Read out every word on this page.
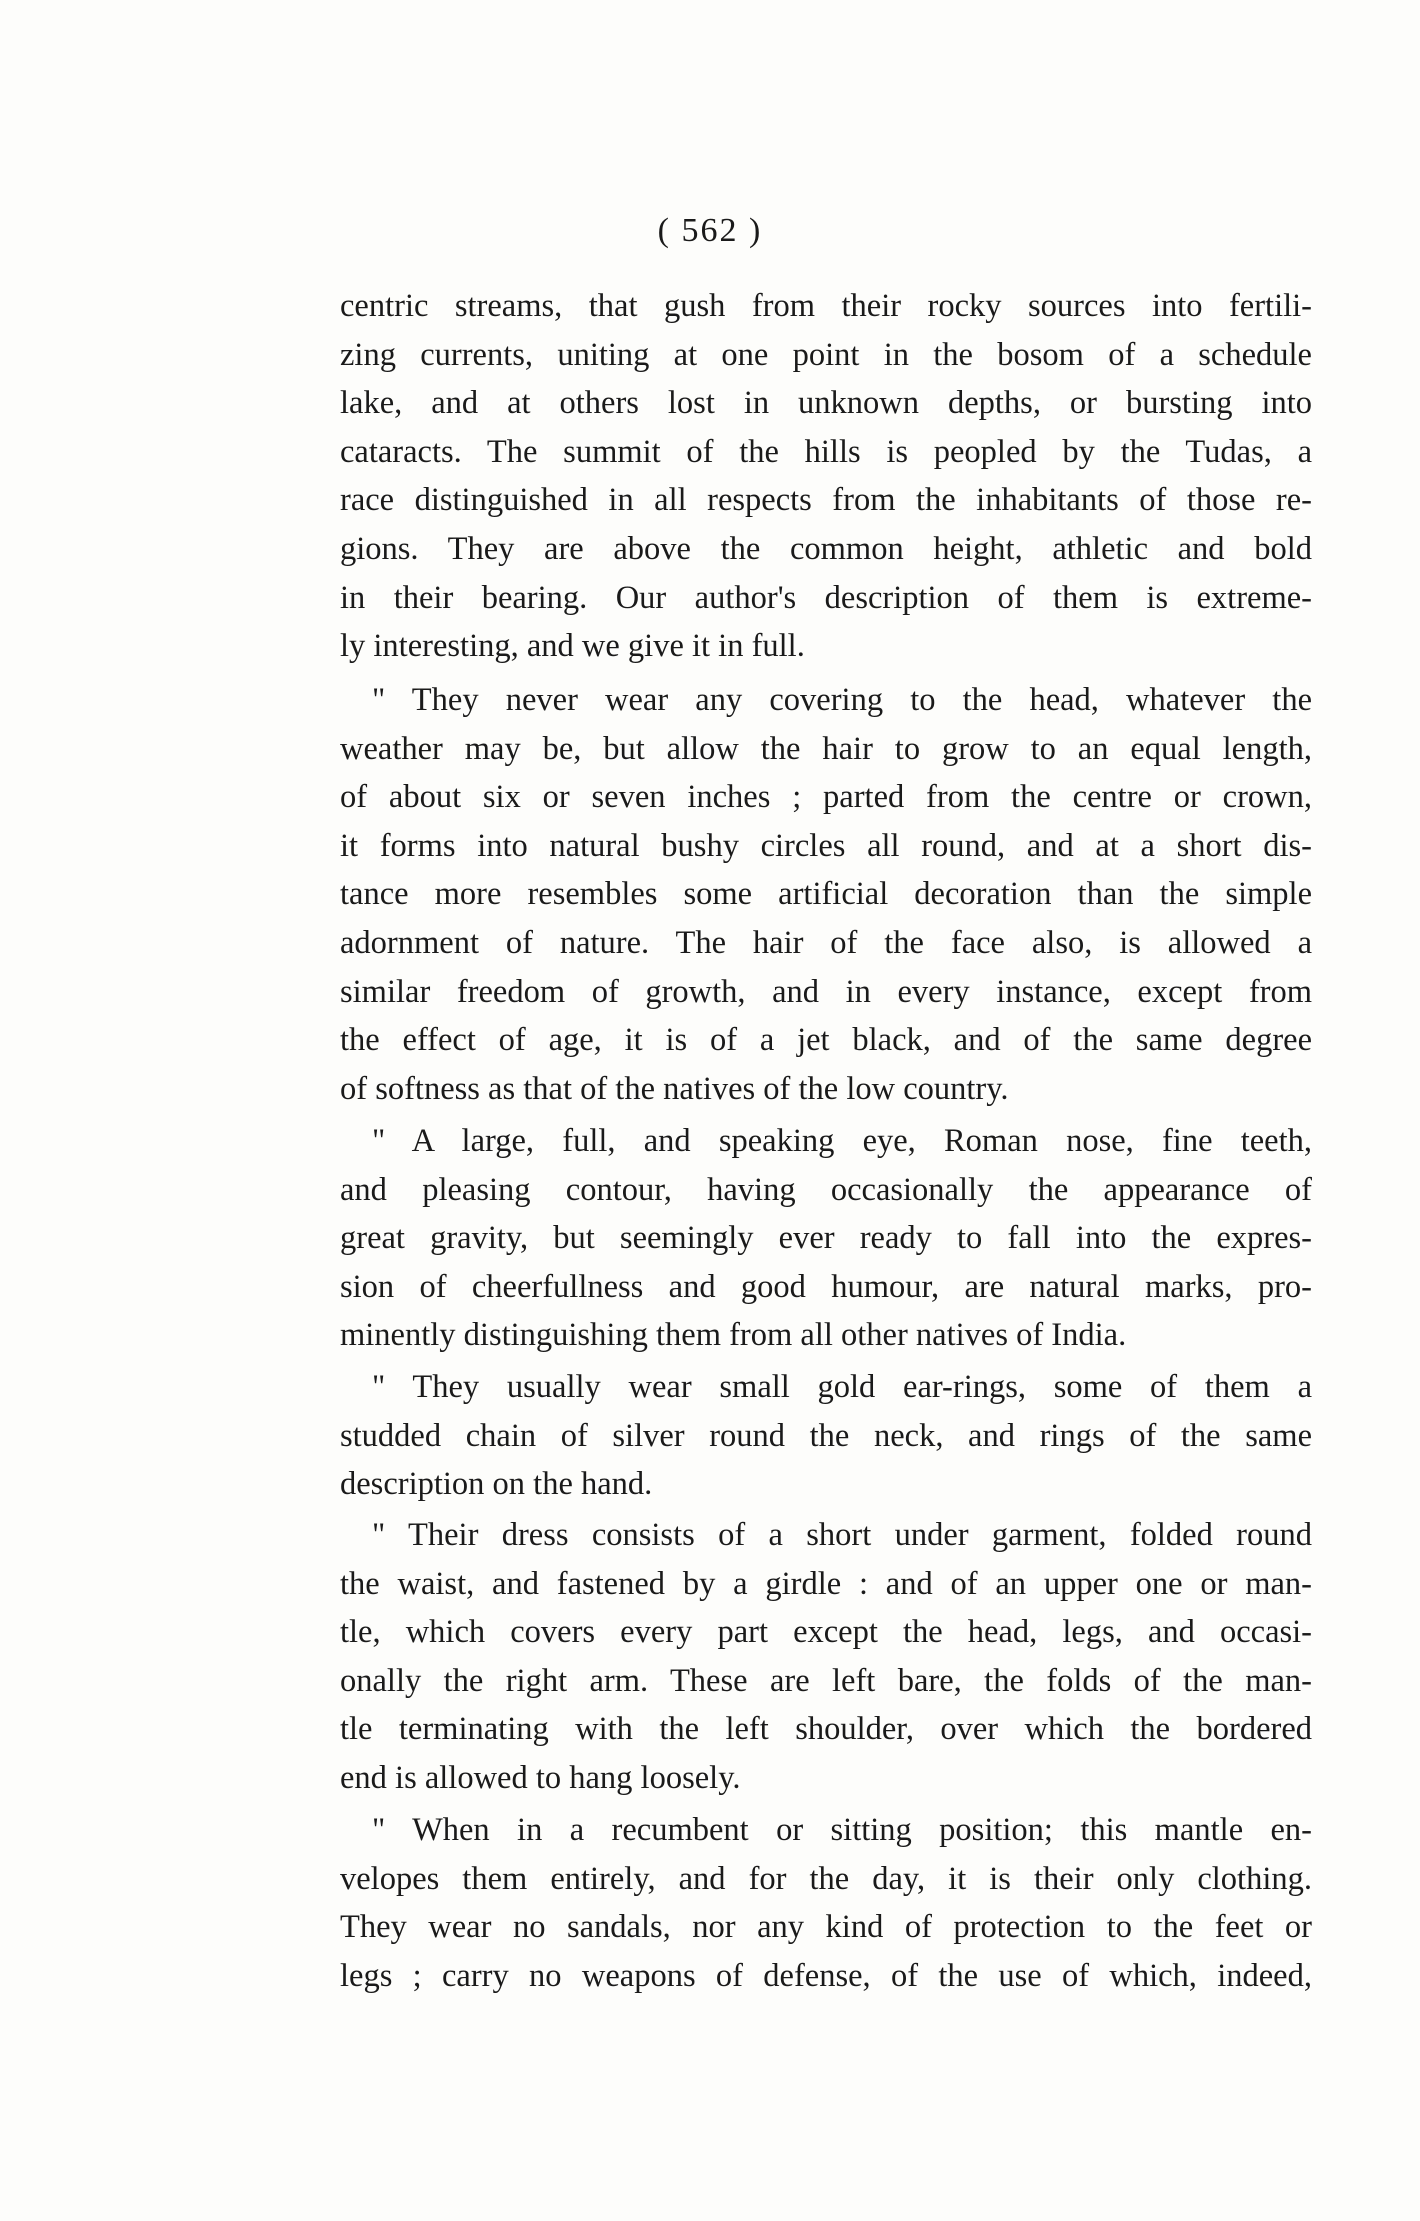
( 562 )
centric streams, that gush from their rocky sources into fertili-
zing currents, uniting at one point in the bosom of a schedule
lake, and at others lost in unknown depths, or bursting into
cataracts. The summit of the hills is peopled by the Tudas, a
race distinguished in all respects from the inhabitants of those re-
gions. They are above the common height, athletic and bold
in their bearing. Our author's description of them is extreme-
ly interesting, and we give it in full.
" They never wear any covering to the head, whatever the
weather may be, but allow the hair to grow to an equal length,
of about six or seven inches ; parted from the centre or crown,
it forms into natural bushy circles all round, and at a short dis-
tance more resembles some artificial decoration than the simple
adornment of nature. The hair of the face also, is allowed a
similar freedom of growth, and in every instance, except from
the effect of age, it is of a jet black, and of the same degree
of softness as that of the natives of the low country.
" A large, full, and speaking eye, Roman nose, fine teeth,
and pleasing contour, having occasionally the appearance of
great gravity, but seemingly ever ready to fall into the expres-
sion of cheerfullness and good humour, are natural marks, pro-
minently distinguishing them from all other natives of India.
" They usually wear small gold ear-rings, some of them a
studded chain of silver round the neck, and rings of the same
description on the hand.
" Their dress consists of a short under garment, folded round
the waist, and fastened by a girdle : and of an upper one or man-
tle, which covers every part except the head, legs, and occasi-
onally the right arm. These are left bare, the folds of the man-
tle terminating with the left shoulder, over which the bordered
end is allowed to hang loosely.
" When in a recumbent or sitting position; this mantle en-
velopes them entirely, and for the day, it is their only clothing.
They wear no sandals, nor any kind of protection to the feet or
legs ; carry no weapons of defense, of the use of which, indeed,
